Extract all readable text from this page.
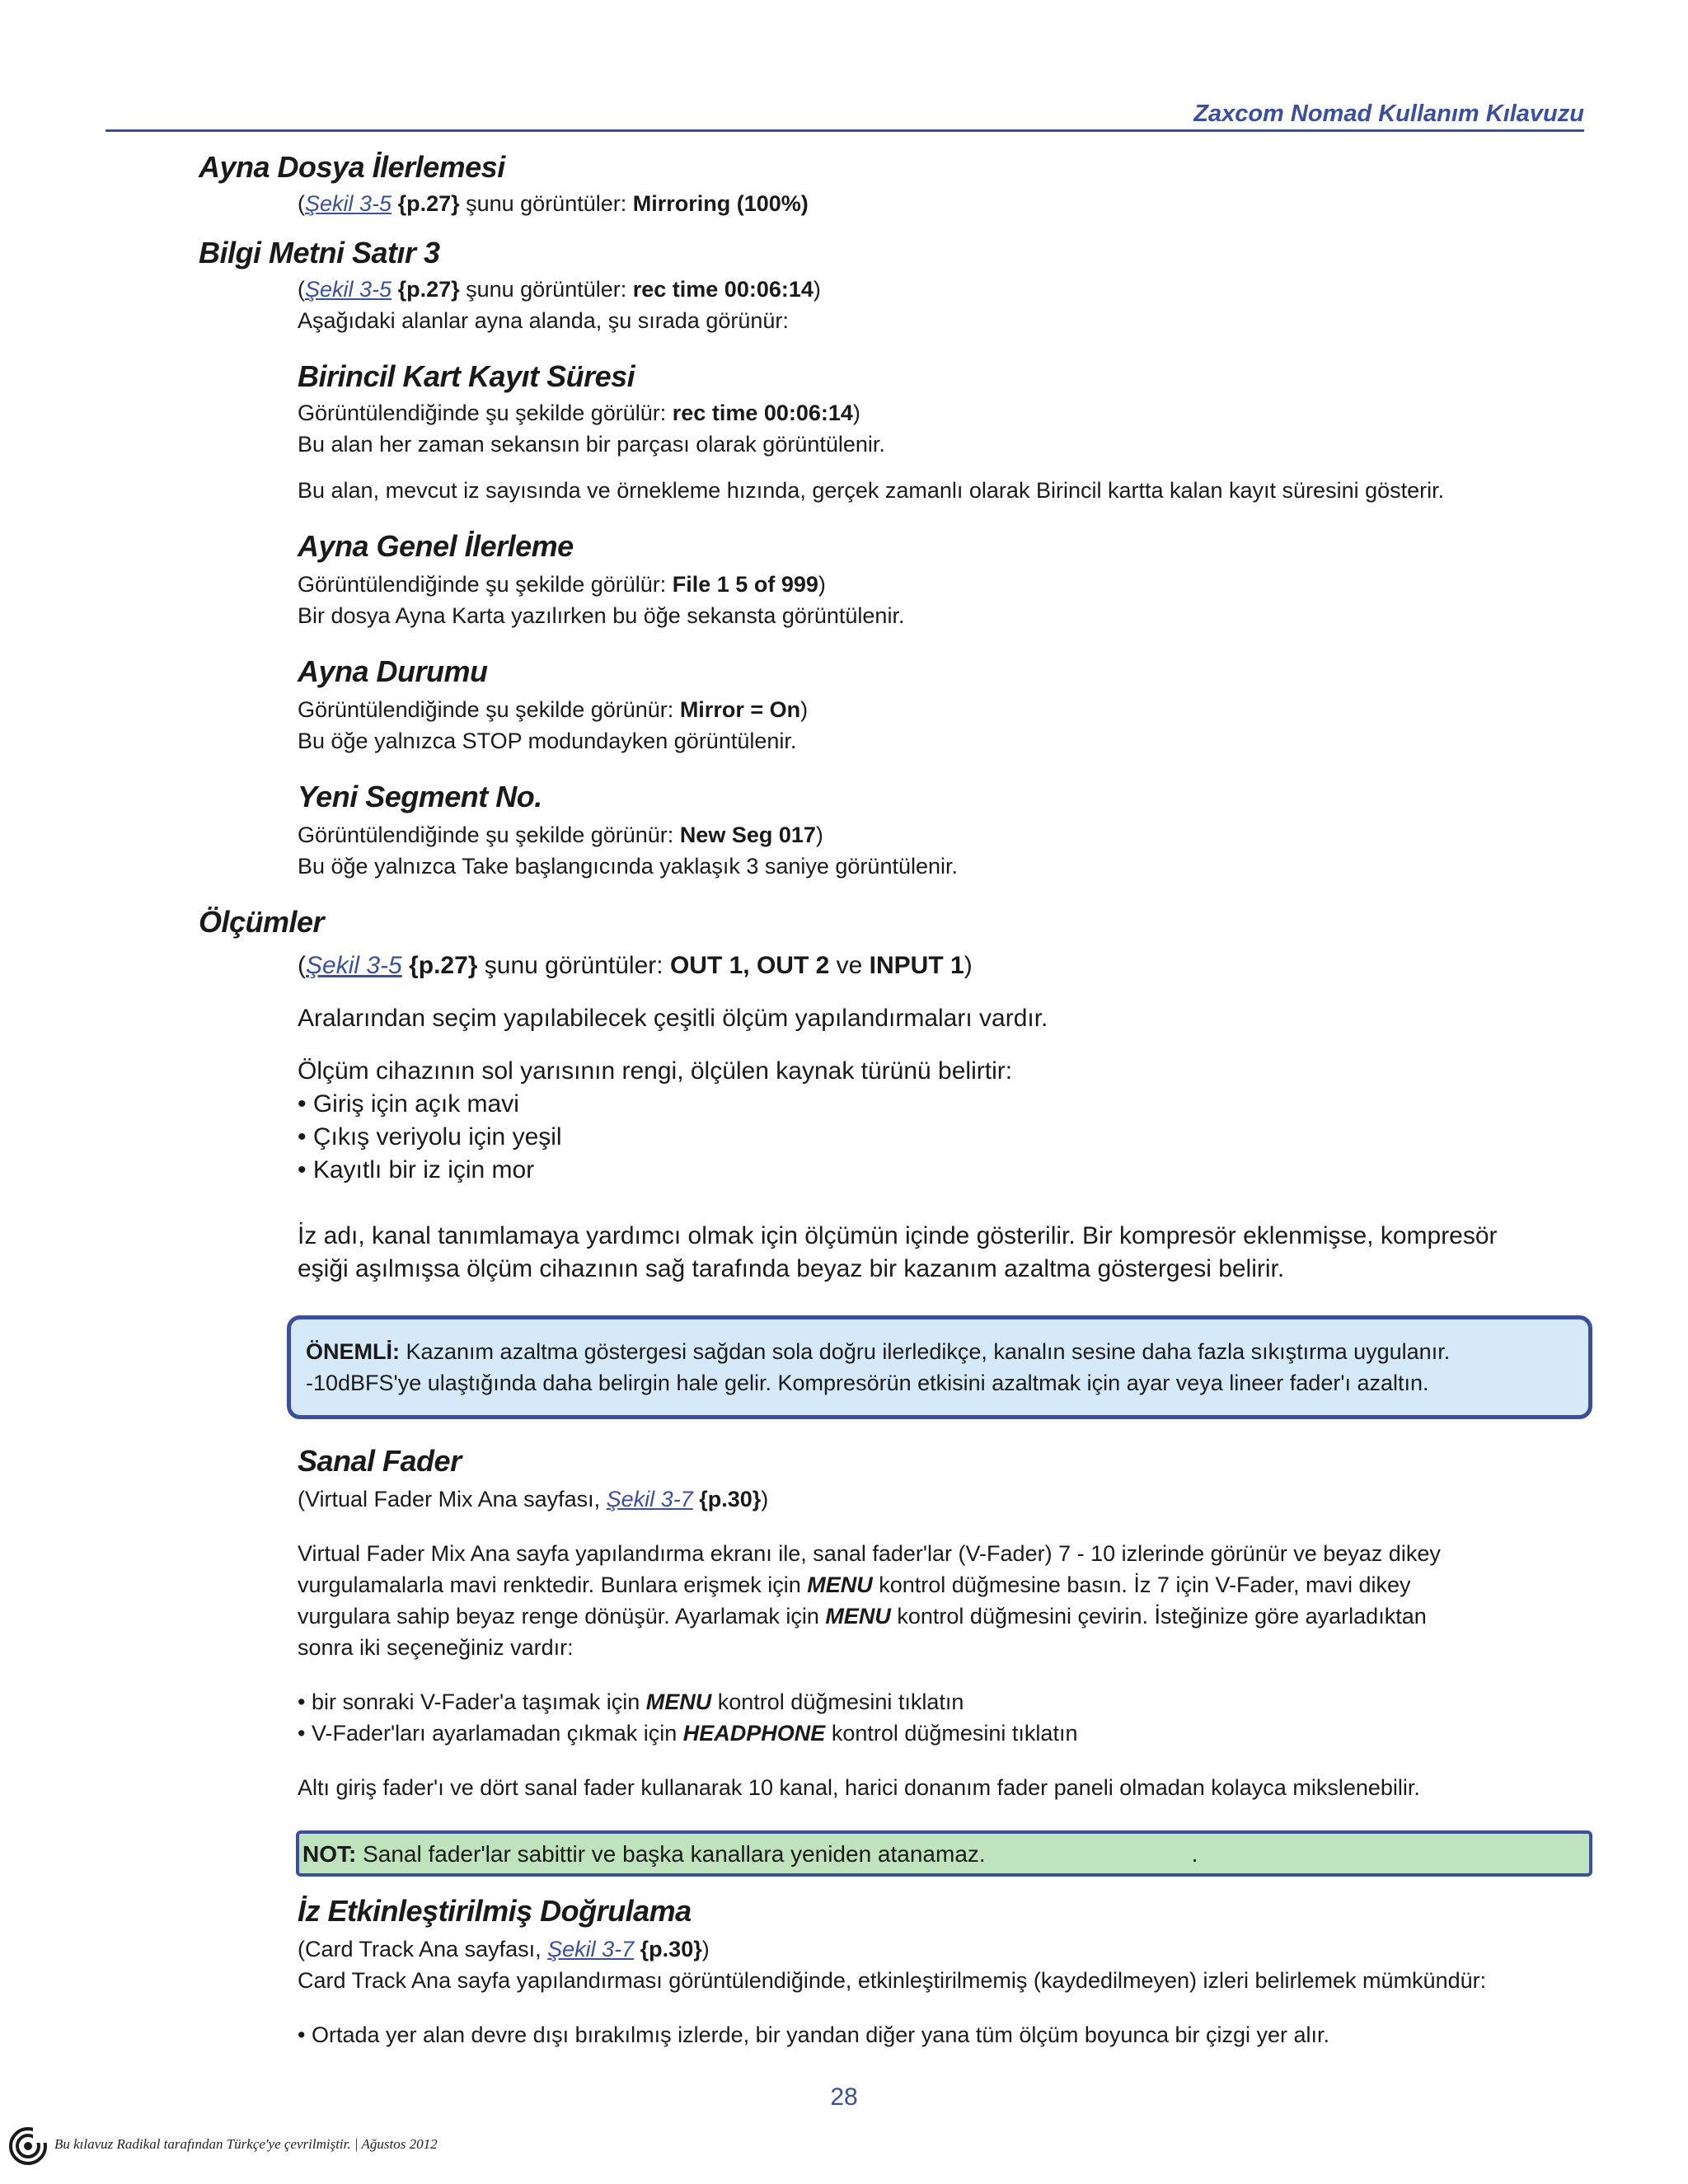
Zaxcom Nomad Kullanım Kılavuzu
Ayna Dosya İlerlemesi
(Şekil 3-5 {p.27} şunu görüntüler: Mirroring (100%)
Bilgi Metni Satır 3
(Şekil 3-5 {p.27} şunu görüntüler: rec time 00:06:14)
Aşağıdaki alanlar ayna alanda, şu sırada görünür:
Birincil Kart Kayıt Süresi
Görüntülendiğinde şu şekilde görülür: rec time 00:06:14)
Bu alan her zaman sekansın bir parçası olarak görüntülenir.
Bu alan, mevcut iz sayısında ve örnekleme hızında, gerçek zamanlı olarak Birincil kartta kalan kayıt süresini gösterir.
Ayna Genel İlerleme
Görüntülendiğinde şu şekilde görülür: File 1 5 of 999)
Bir dosya Ayna Karta yazılırken bu öğe sekansta görüntülenir.
Ayna Durumu
Görüntülendiğinde şu şekilde görünür: Mirror = On)
Bu öğe yalnızca STOP modundayken görüntülenir.
Yeni Segment No.
Görüntülendiğinde şu şekilde görünür: New Seg 017)
Bu öğe yalnızca Take başlangıcında yaklaşık 3 saniye görüntülenir.
Ölçümler
(Şekil 3-5 {p.27} şunu görüntüler: OUT 1, OUT 2 ve INPUT 1)
Aralarından seçim yapılabilecek çeşitli ölçüm yapılandırmaları vardır.
Ölçüm cihazının sol yarısının rengi, ölçülen kaynak türünü belirtir:
• Giriş için açık mavi
• Çıkış veriyolu için yeşil
• Kayıtlı bir iz için mor
İz adı, kanal tanımlamaya yardımcı olmak için ölçümün içinde gösterilir. Bir kompresör eklenmişse, kompresör
eşiği aşılmışsa ölçüm cihazının sağ tarafında beyaz bir kazanım azaltma göstergesi belirir.
ÖNEMLİ: Kazanım azaltma göstergesi sağdan sola doğru ilerledikçe, kanalın sesine daha fazla sıkıştırma uygulanır.
-10dBFS'ye ulaştığında daha belirgin hale gelir. Kompresörün etkisini azaltmak için ayar veya lineer fader'ı azaltın.
Sanal Fader
(Virtual Fader Mix Ana sayfası, Şekil 3-7 {p.30})
Virtual Fader Mix Ana sayfa yapılandırma ekranı ile, sanal fader'lar (V-Fader) 7 - 10 izlerinde görünür ve beyaz dikey
vurgulamalarla mavi renktedir. Bunlara erişmek için MENU kontrol düğmesine basın. İz 7 için V-Fader, mavi dikey
vurgulara sahip beyaz renge dönüşür. Ayarlamak için MENU kontrol düğmesini çevirin. İsteğinize göre ayarladıktan
sonra iki seçeneğiniz vardır:
• bir sonraki V-Fader'a taşımak için MENU kontrol düğmesini tıklatın
• V-Fader'ları ayarlamadan çıkmak için HEADPHONE kontrol düğmesini tıklatın
Altı giriş fader'ı ve dört sanal fader kullanarak 10 kanal, harici donanım fader paneli olmadan kolayca mikslenebilir.
NOT: Sanal fader'lar sabittir ve başka kanallara yeniden atanamaz.	.
İz Etkinleştirilmiş Doğrulama
(Card Track Ana sayfası, Şekil 3-7 {p.30})
Card Track Ana sayfa yapılandırması görüntülendiğinde, etkinleştirilmemiş (kaydedilmeyen) izleri belirlemek mümkündür:
• Ortada yer alan devre dışı bırakılmış izlerde, bir yandan diğer yana tüm ölçüm boyunca bir çizgi yer alır.
28
Bu kılavuz Radikal tarafından Türkçe'ye çevrilmiştir. | Ağustos 2012
